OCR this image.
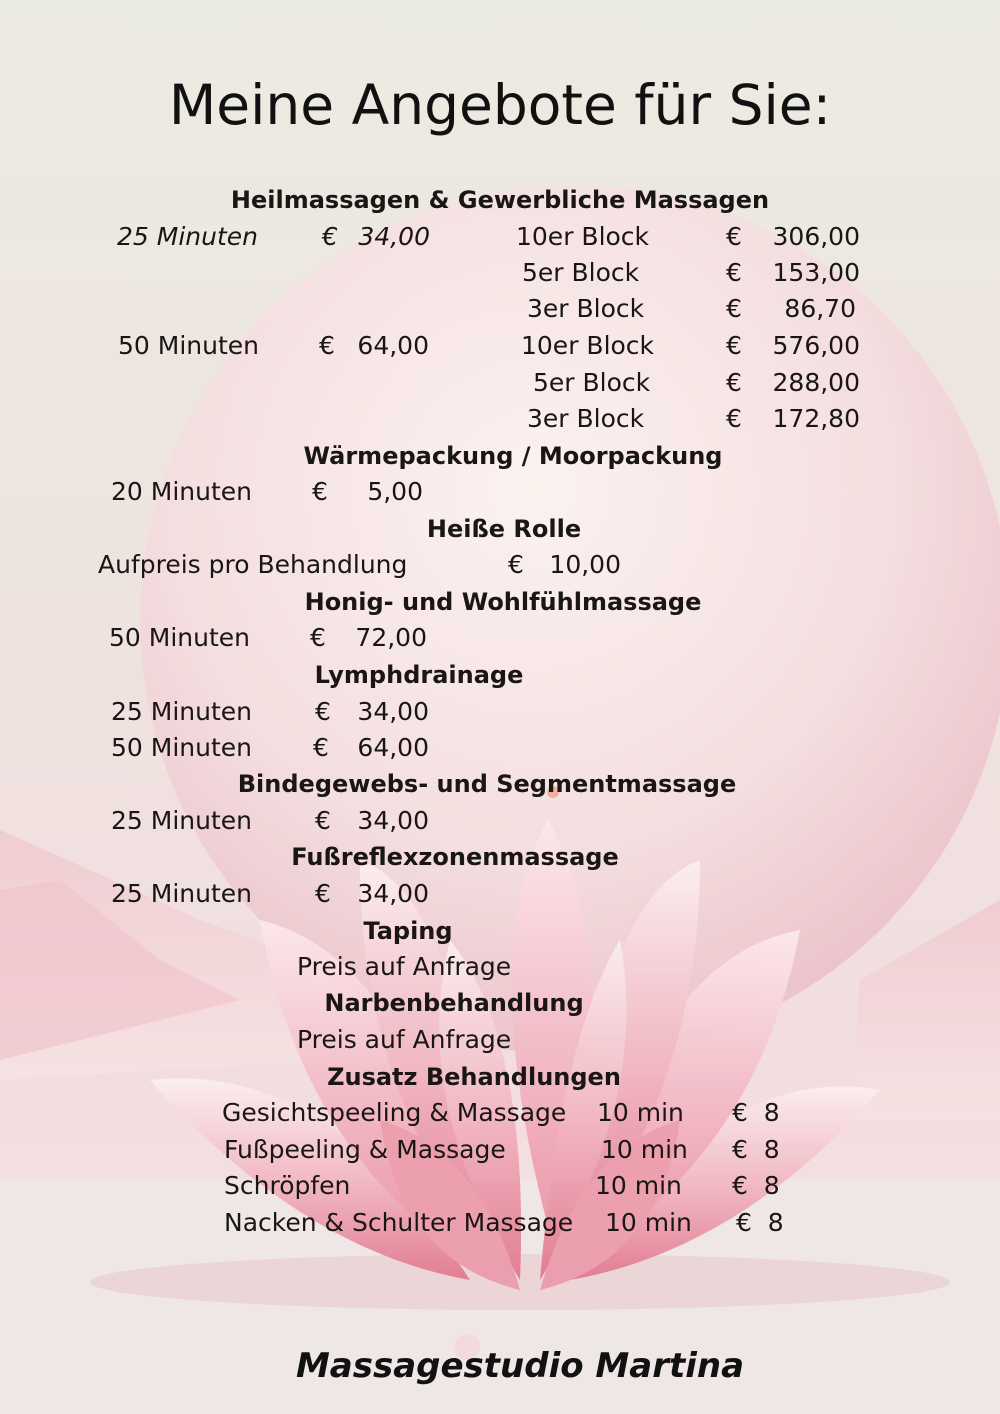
Meine Angebote für Sie:
Heilmassagen & Gewerbliche Massagen
25 Minuten	€ 34,00	10er Block	€	306,00
5er Block	€	153,00
3er Block	€	86,70
50 Minuten € 64,00	10er Block	€	576,00
5er Block	€	288,00
3er Block	€	172,80
Wärmepackung / Moorpackung
20 Minuten €	5,00
Heiße Rolle
Aufpreis pro Behandlung	€	10,00
Honig- und Wohlfühlmassage
50 Minuten €	72,00
Lymphdrainage
25 Minuten	€	34,00
50 Minuten €	64,00
Bindegewebs- und Segmentmassage
25 Minuten	€	34,00
Fußreflexzonenmassage
25 Minuten	€	34,00
Taping
Preis auf Anfrage
Narbenbehandlung
Preis auf Anfrage
Zusatz Behandlungen
Gesichtspeeling & Massage 10 min €  8
Fußpeeling & Massage	10 min €  8
Schröpfen	10 min €  8
Nacken & Schulter Massage 10 min €  8
Massagestudio Martina
